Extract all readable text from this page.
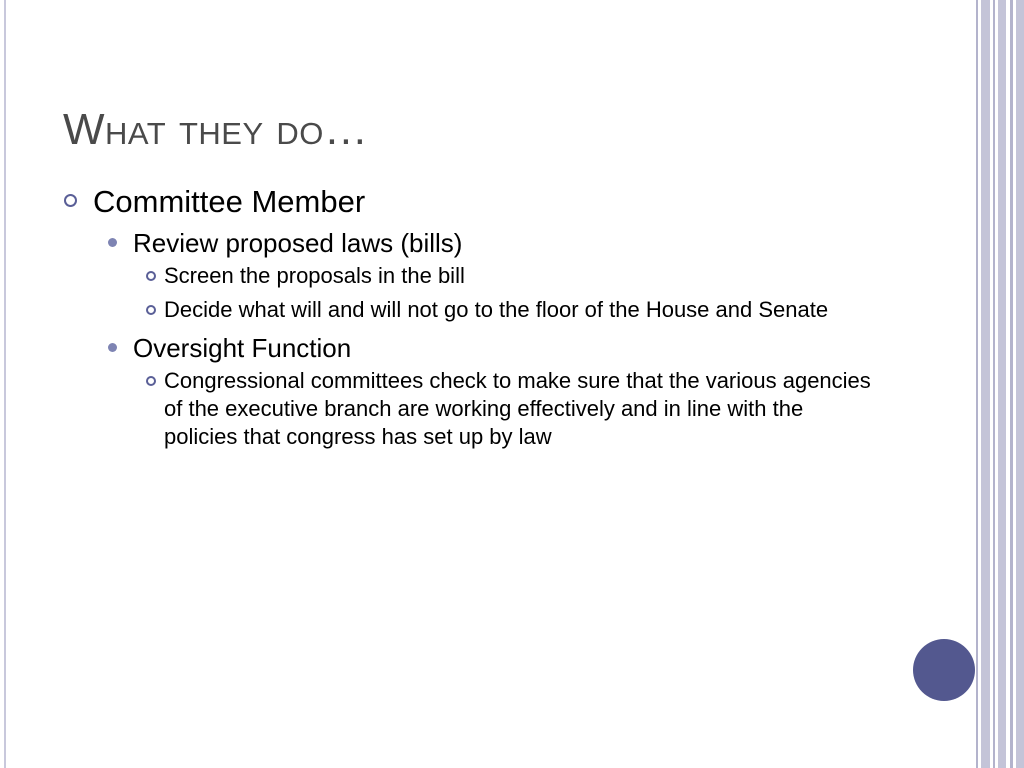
What they do…
Committee Member
Review proposed laws (bills)
Screen the proposals in the bill
Decide what will and will not go to the floor of the House and Senate
Oversight Function
Congressional committees check to make sure that the various agencies of the executive branch are working effectively and in line with the policies that congress has set up by law
